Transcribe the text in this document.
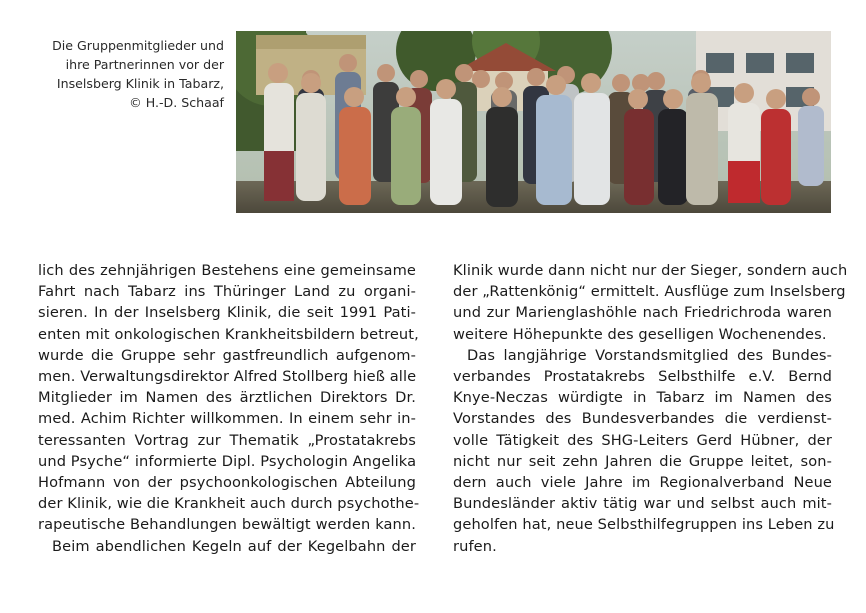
Die Gruppenmitglieder und
ihre Partnerinnen vor der
Inselsberg Klinik in Tabarz,
© H.-D. Schaaf
lich des zehnjährigen Bestehens eine gemeinsame
Fahrt nach Tabarz ins Thüringer Land zu organi-
sieren. In der Inselsberg Klinik, die seit 1991 Pati-
enten mit onkologischen Krankheitsbildern betreut,
wurde die Gruppe sehr gastfreundlich aufgenom-
men. Verwaltungsdirektor Alfred Stollberg hieß alle
Mitglieder im Namen des ärztlichen Direktors Dr.
med. Achim Richter willkommen. In einem sehr in-
teressanten Vortrag zur Thematik „Prostatakrebs
und Psyche“ informierte Dipl. Psychologin Angelika
Hofmann von der psychoonkologischen Abteilung
der Klinik, wie die Krankheit auch durch psychothe-
rapeutische Behandlungen bewältigt werden kann.
Beim abendlichen Kegeln auf der Kegelbahn der
Klinik wurde dann nicht nur der Sieger, sondern auch
der „Rattenkönig“ ermittelt. Ausflüge zum Inselsberg
und zur Marienglashöhle nach Friedrichroda waren
weitere Höhepunkte des geselligen Wochenendes.
Das langjährige Vorstandsmitglied des Bundes-
verbandes Prostatakrebs Selbsthilfe e.V. Bernd
Knye-Neczas würdigte in Tabarz im Namen des
Vorstandes des Bundesverbandes die verdienst-
volle Tätigkeit des SHG-Leiters Gerd Hübner, der
nicht nur seit zehn Jahren die Gruppe leitet, son-
dern auch viele Jahre im Regionalverband Neue
Bundesländer aktiv tätig war und selbst auch mit-
geholfen hat, neue Selbsthilfegruppen ins Leben zu
rufen.
